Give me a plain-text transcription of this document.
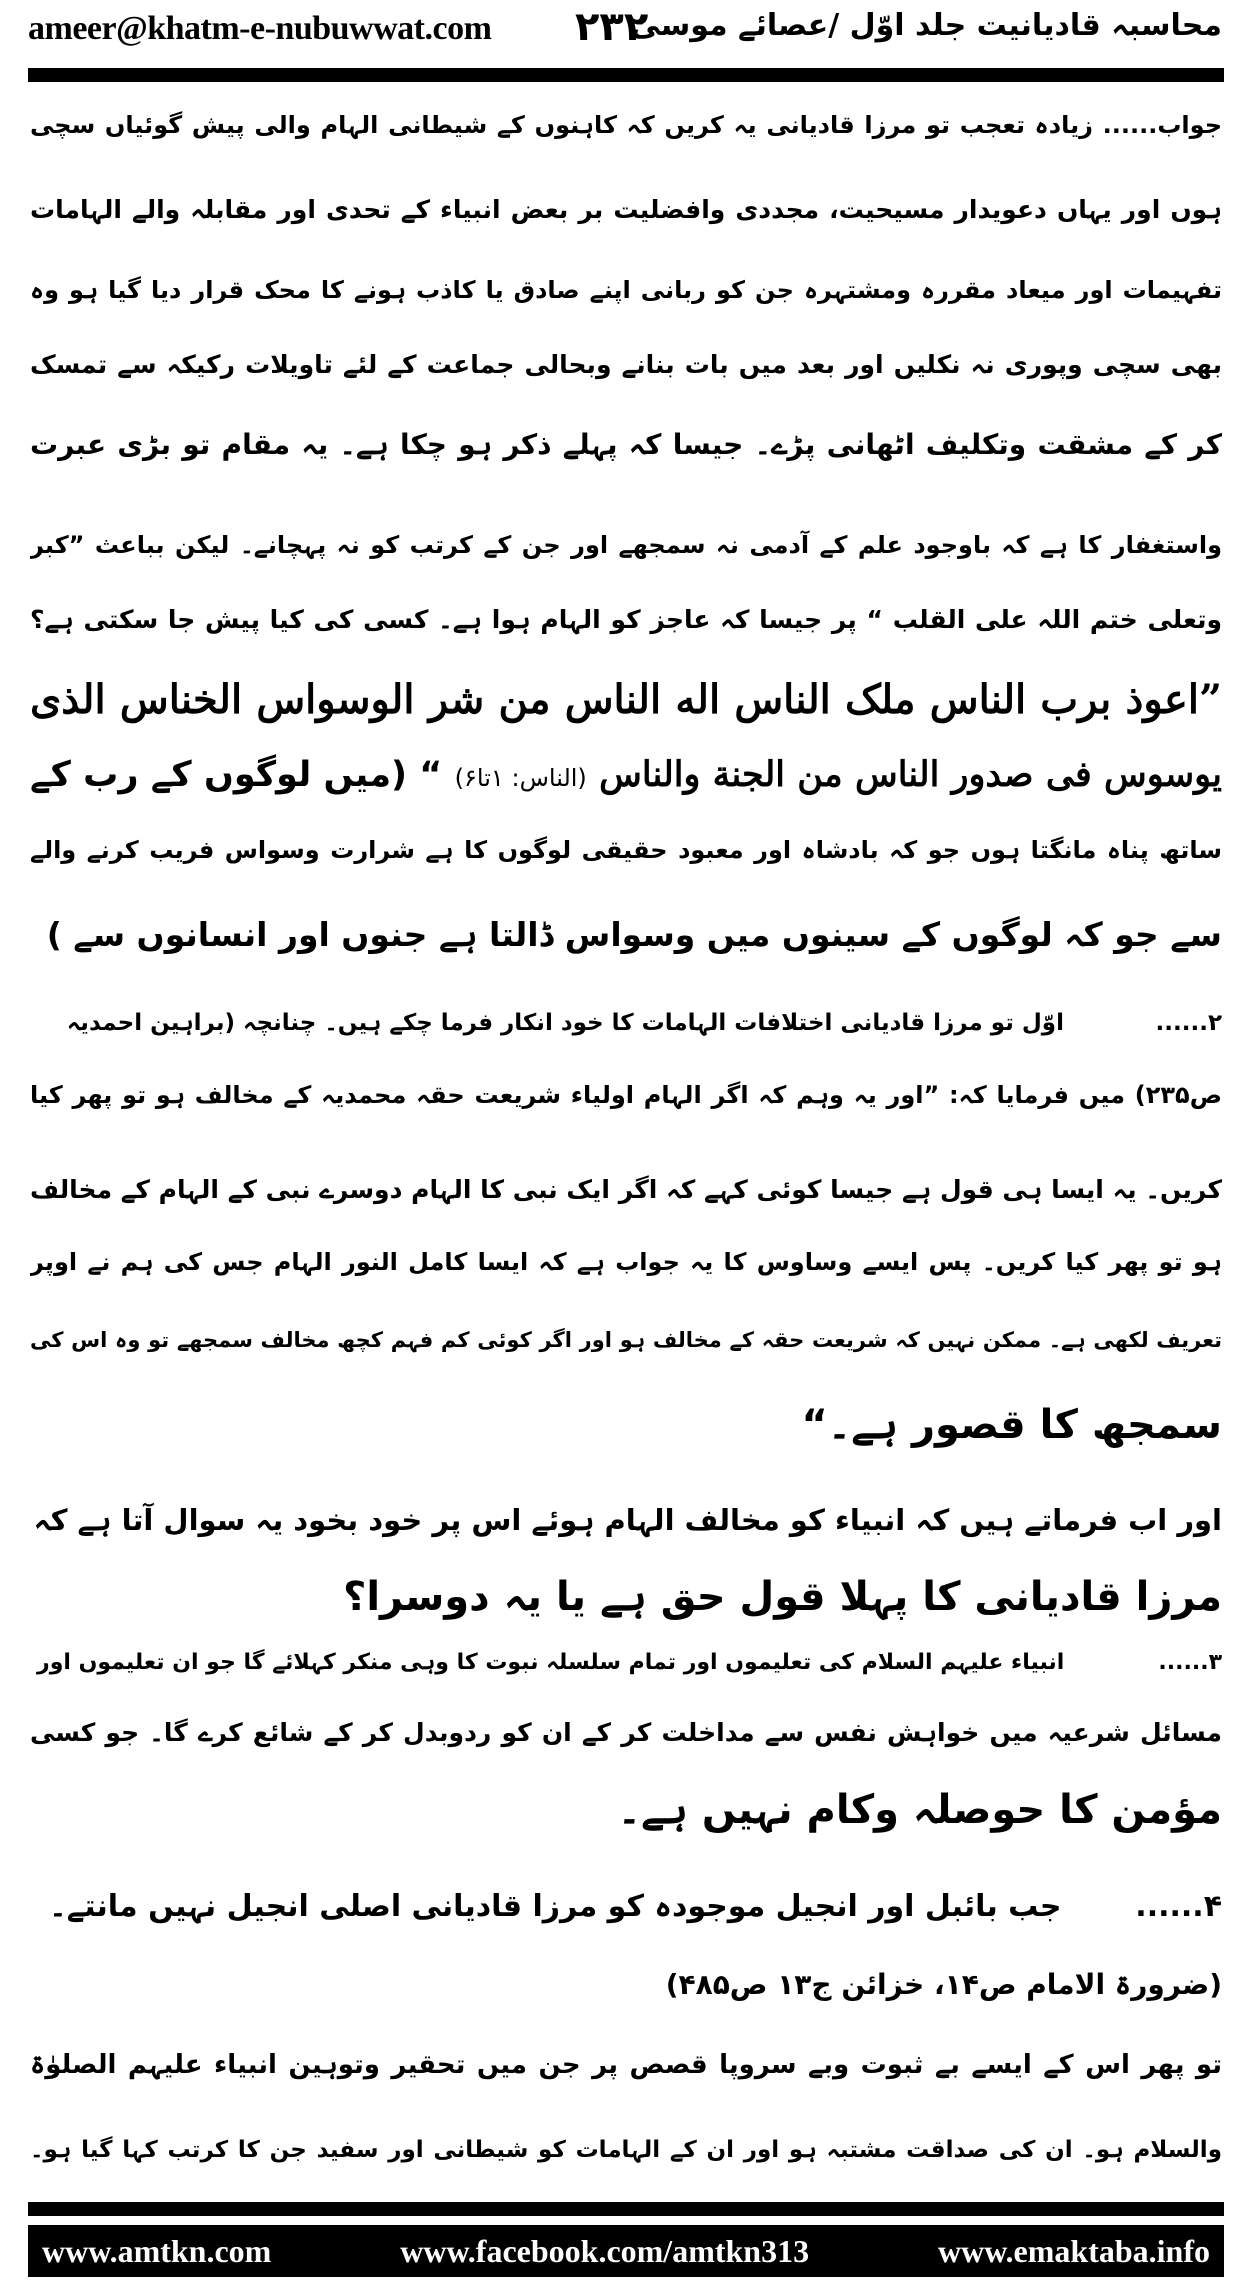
ameer@khatm-e-nubuwwat.com ۲۳۲
محاسبہ قادیانیت جلد اوّل /عصائے موسیٰ
جواب...... زیادہ تعجب تو مرزا قادیانی یہ کریں کہ کاہنوں کے شیطانی الہام والی پیش گوئیاں سچی
ہوں اور یہاں دعویدار مسیحیت، مجددی وافضلیت بر بعض انبیاء کے تحدی اور مقابلہ والے الہامات
تفہیمات اور میعاد مقررہ ومشتہرہ جن کو ربانی اپنے صادق یا کاذب ہونے کا محک قرار دیا گیا ہو وہ
بھی سچی وپوری نہ نکلیں اور بعد میں بات بنانے وبحالی جماعت کے لئے تاویلات رکیکہ سے تمسک
کر کے مشقت وتکلیف اٹھانی پڑے۔ جیسا کہ پہلے ذکر ہو چکا ہے۔ یہ مقام تو بڑی عبرت
واستغفار کا ہے کہ باوجود علم کے آدمی نہ سمجھے اور جن کے کرتب کو نہ پہچانے۔ لیکن بباعث ”کبر
وتعلی ختم اللہ علی القلب “ پر جیسا کہ عاجز کو الہام ہوا ہے۔ کسی کی کیا پیش جا سکتی ہے؟
”اعوذ برب الناس ملک الناس اله الناس من شر الوسواس الخناس الذی
یوسوس فی صدور الناس من الجنة والناس (الناس: ۱تا۶) “ (میں لوگوں کے رب کے
ساتھ پناہ مانگتا ہوں جو کہ بادشاہ اور معبود حقیقی لوگوں کا ہے شرارت وسواس فریب کرنے والے
سے جو کہ لوگوں کے سینوں میں وسواس ڈالتا ہے جنوں اور انسانوں سے )
۲...... اوّل تو مرزا قادیانی اختلافات الہامات کا خود انکار فرما چکے ہیں۔ چنانچہ (براہین احمدیہ
ص۲۳۵) میں فرمایا کہ: ”اور یہ وہم کہ اگر الہام اولیاء شریعت حقہ محمدیہ کے مخالف ہو تو پھر کیا
کریں۔ یہ ایسا ہی قول ہے جیسا کوئی کہے کہ اگر ایک نبی کا الہام دوسرے نبی کے الہام کے مخالف
ہو تو پھر کیا کریں۔ پس ایسے وساوس کا یہ جواب ہے کہ ایسا کامل النور الہام جس کی ہم نے اوپر
تعریف لکھی ہے۔ ممکن نہیں کہ شریعت حقہ کے مخالف ہو اور اگر کوئی کم فہم کچھ مخالف سمجھے تو وہ اس کی
سمجھ کا قصور ہے۔“
اور اب فرماتے ہیں کہ انبیاء کو مخالف الہام ہوئے اس پر خود بخود یہ سوال آتا ہے کہ
مرزا قادیانی کا پہلا قول حق ہے یا یہ دوسرا؟
۳...... انبیاء علیہم السلام کی تعلیموں اور تمام سلسلہ نبوت کا وہی منکر کہلائے گا جو ان تعلیموں اور
مسائل شرعیہ میں خواہش نفس سے مداخلت کر کے ان کو ردوبدل کر کے شائع کرے گا۔ جو کسی
مؤمن کا حوصلہ وکام نہیں ہے۔
۴...... جب بائبل اور انجیل موجودہ کو مرزا قادیانی اصلی انجیل نہیں مانتے۔
(ضرورۃ الامام ص۱۴، خزائن ج۱۳ ص۴۸۵)
تو پھر اس کے ایسے بے ثبوت وبے سروپا قصص پر جن میں تحقیر وتوہین انبیاء علیہم الصلوٰۃ
والسلام ہو۔ ان کی صداقت مشتبہ ہو اور ان کے الہامات کو شیطانی اور سفید جن کا کرتب کہا گیا ہو۔
www.amtkn.com	www.facebook.com/amtkn313	www.emaktaba.info
